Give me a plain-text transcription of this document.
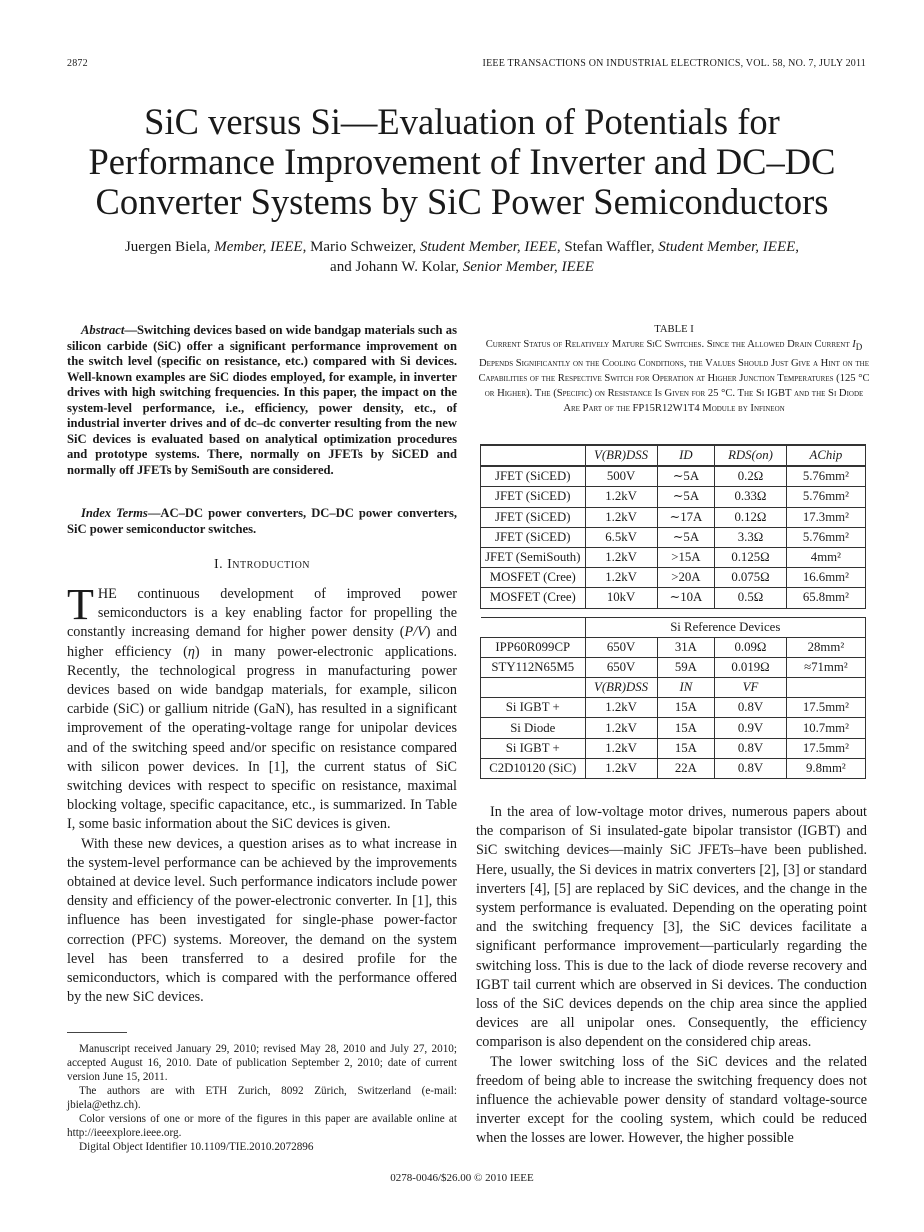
2872	IEEE TRANSACTIONS ON INDUSTRIAL ELECTRONICS, VOL. 58, NO. 7, JULY 2011
SiC versus Si—Evaluation of Potentials for
Performance Improvement of Inverter and DC–DC
Converter Systems by SiC Power Semiconductors
Juergen Biela, Member, IEEE, Mario Schweizer, Student Member, IEEE, Stefan Waffler, Student Member, IEEE,
and Johann W. Kolar, Senior Member, IEEE

Abstract—Switching devices based on wide bandgap materials such as silicon carbide (SiC) offer a significant performance improvement on the switch level (specific on resistance, etc.) compared with Si devices. Well-known examples are SiC diodes employed, for example, in inverter drives with high switching frequencies. In this paper, the impact on the system-level performance, i.e., efficiency, power density, etc., of industrial inverter drives and of dc–dc converter resulting from the new SiC devices is evaluated based on analytical optimization procedures and prototype systems. There, normally on JFETs by SiCED and normally off JFETs by SemiSouth are considered.

Index Terms—AC–DC power converters, DC–DC power converters, SiC power semiconductor switches.

I. Introduction

THE continuous development of improved power semiconductors is a key enabling factor for propelling the constantly increasing demand for higher power density (P/V) and higher efficiency (η) in many power-electronic applications. Recently, the technological progress in manufacturing power devices based on wide bandgap materials, for example, silicon carbide (SiC) or gallium nitride (GaN), has resulted in a significant improvement of the operating-voltage range for unipolar devices and of the switching speed and/or specific on resistance compared with silicon power devices. In [1], the current status of SiC switching devices with respect to specific on resistance, maximal blocking voltage, specific capacitance, etc., is summarized. In Table I, some basic information about the SiC devices is given.

With these new devices, a question arises as to what increase in the system-level performance can be achieved by the improvements obtained at device level. Such performance indicators include power density and efficiency of the power-electronic converter. In [1], this influence has been investigated for single-phase power-factor correction (PFC) systems. Moreover, the demand on the system level has been transferred to a desired profile for the semiconductors, which is compared with the performance offered by the new SiC devices.

Manuscript received January 29, 2010; revised May 28, 2010 and July 27, 2010; accepted August 16, 2010. Date of publication September 2, 2010; date of current version June 15, 2011.

The authors are with ETH Zurich, 8092 Zürich, Switzerland (e-mail: jbiela@ethz.ch).

Color versions of one or more of the figures in this paper are available online at http://ieeexplore.ieee.org.

Digital Object Identifier 10.1109/TIE.2010.2072896

TABLE I
Current Status of Relatively Mature SiC Switches. Since the Allowed Drain Current $I_D$ Depends Significantly on the Cooling Conditions, the Values Should Just Give a Hint on the Capabilities of the Respective Switch for Operation at Higher Junction Temperatures (125 °C or Higher). The (Specific) on Resistance Is Given for 25 °C. The Si IGBT and the Si Diode Are Part of the FP15R12W1T4 Module by Infineon
	V(BR)DSS	ID	RDS(on)	AChip
JFET (SiCED)	500V	∼5A	0.2Ω	5.76mm²
JFET (SiCED)	1.2kV	∼5A	0.33Ω	5.76mm²
JFET (SiCED)	1.2kV	∼17A	0.12Ω	17.3mm²
JFET (SiCED)	6.5kV	∼5A	3.3Ω	5.76mm²
JFET (SemiSouth)	1.2kV	>15A	0.125Ω	4mm²
MOSFET (Cree)	1.2kV	>20A	0.075Ω	16.6mm²
MOSFET (Cree)	10kV	∼10A	0.5Ω	65.8mm²

	Si Reference Devices			
IPP60R099CP	650V	31A	0.09Ω	28mm²
STY112N65M5	650V	59A	0.019Ω	≈71mm²
	V(BR)DSS	IN	VF	
Si IGBT +	1.2kV	15A	0.8V	17.5mm²
Si Diode	1.2kV	15A	0.9V	10.7mm²
Si IGBT +	1.2kV	15A	0.8V	17.5mm²
C2D10120 (SiC)	1.2kV	22A	0.8V	9.8mm²

In the area of low-voltage motor drives, numerous papers about the comparison of Si insulated-gate bipolar transistor (IGBT) and SiC switching devices—mainly SiC JFETs–have been published. Here, usually, the Si devices in matrix converters [2], [3] or standard inverters [4], [5] are replaced by SiC devices, and the change in the system performance is evaluated. Depending on the operating point and the switching frequency [3], the SiC devices facilitate a significant performance improvement—particularly regarding the switching loss. This is due to the lack of diode reverse recovery and IGBT tail current which are observed in Si devices. The conduction loss of the SiC devices depends on the chip area since the applied devices are all unipolar ones. Consequently, the efficiency comparison is also dependent on the considered chip areas.

The lower switching loss of the SiC devices and the related freedom of being able to increase the switching frequency does not influence the achievable power density of standard voltage-source inverter except for the cooling system, which could be reduced when the losses are lower. However, the higher possible

0278-0046/$26.00 © 2010 IEEE
